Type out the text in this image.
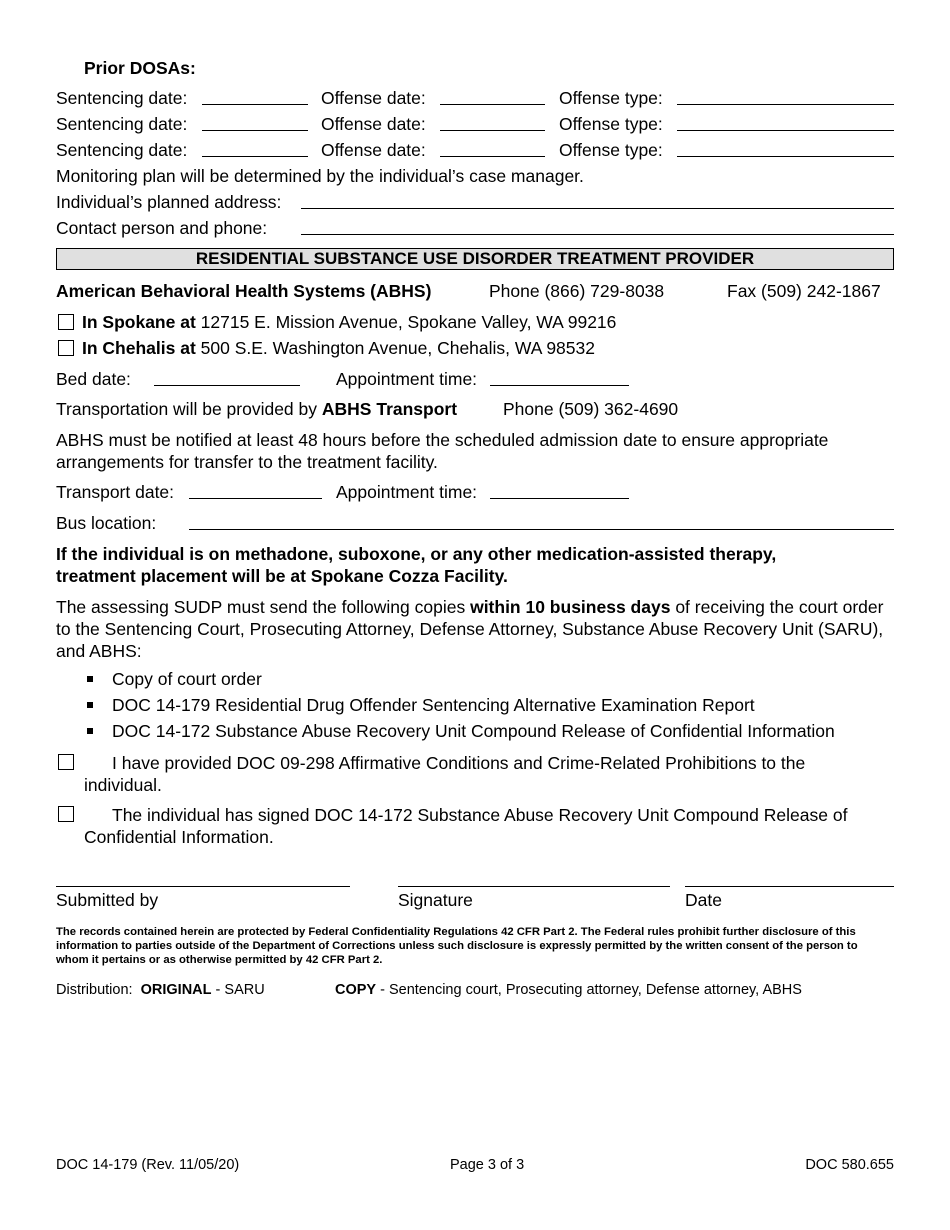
Prior DOSAs:
Sentencing date:	Offense date:	Offense type:
Sentencing date:	Offense date:	Offense type:
Sentencing date:	Offense date:	Offense type:
Monitoring plan will be determined by the individual’s case manager.
Individual’s planned address:
Contact person and phone:
RESIDENTIAL SUBSTANCE USE DISORDER TREATMENT PROVIDER
American Behavioral Health Systems (ABHS)	Phone (866) 729-8038	Fax (509) 242-1867
In Spokane at 12715 E. Mission Avenue, Spokane Valley, WA 99216
In Chehalis at 500 S.E. Washington Avenue, Chehalis, WA 98532
Bed date:	Appointment time:
Transportation will be provided by ABHS Transport	Phone (509) 362-4690
ABHS must be notified at least 48 hours before the scheduled admission date to ensure appropriate arrangements for transfer to the treatment facility.
Transport date:	Appointment time:
Bus location:
If the individual is on methadone, suboxone, or any other medication-assisted therapy, treatment placement will be at Spokane Cozza Facility.
The assessing SUDP must send the following copies within 10 business days of receiving the court order to the Sentencing Court, Prosecuting Attorney, Defense Attorney, Substance Abuse Recovery Unit (SARU), and ABHS:
Copy of court order
DOC 14-179 Residential Drug Offender Sentencing Alternative Examination Report
DOC 14-172 Substance Abuse Recovery Unit Compound Release of Confidential Information
I have provided DOC 09-298 Affirmative Conditions and Crime-Related Prohibitions to the individual.
The individual has signed DOC 14-172 Substance Abuse Recovery Unit Compound Release of Confidential Information.
Submitted by	Signature	Date
The records contained herein are protected by Federal Confidentiality Regulations 42 CFR Part 2. The Federal rules prohibit further disclosure of this information to parties outside of the Department of Corrections unless such disclosure is expressly permitted by the written consent of the person to whom it pertains or as otherwise permitted by 42 CFR Part 2.
Distribution: ORIGINAL - SARU	COPY - Sentencing court, Prosecuting attorney, Defense attorney, ABHS
DOC 14-179 (Rev. 11/05/20)	Page 3 of 3	DOC 580.655
